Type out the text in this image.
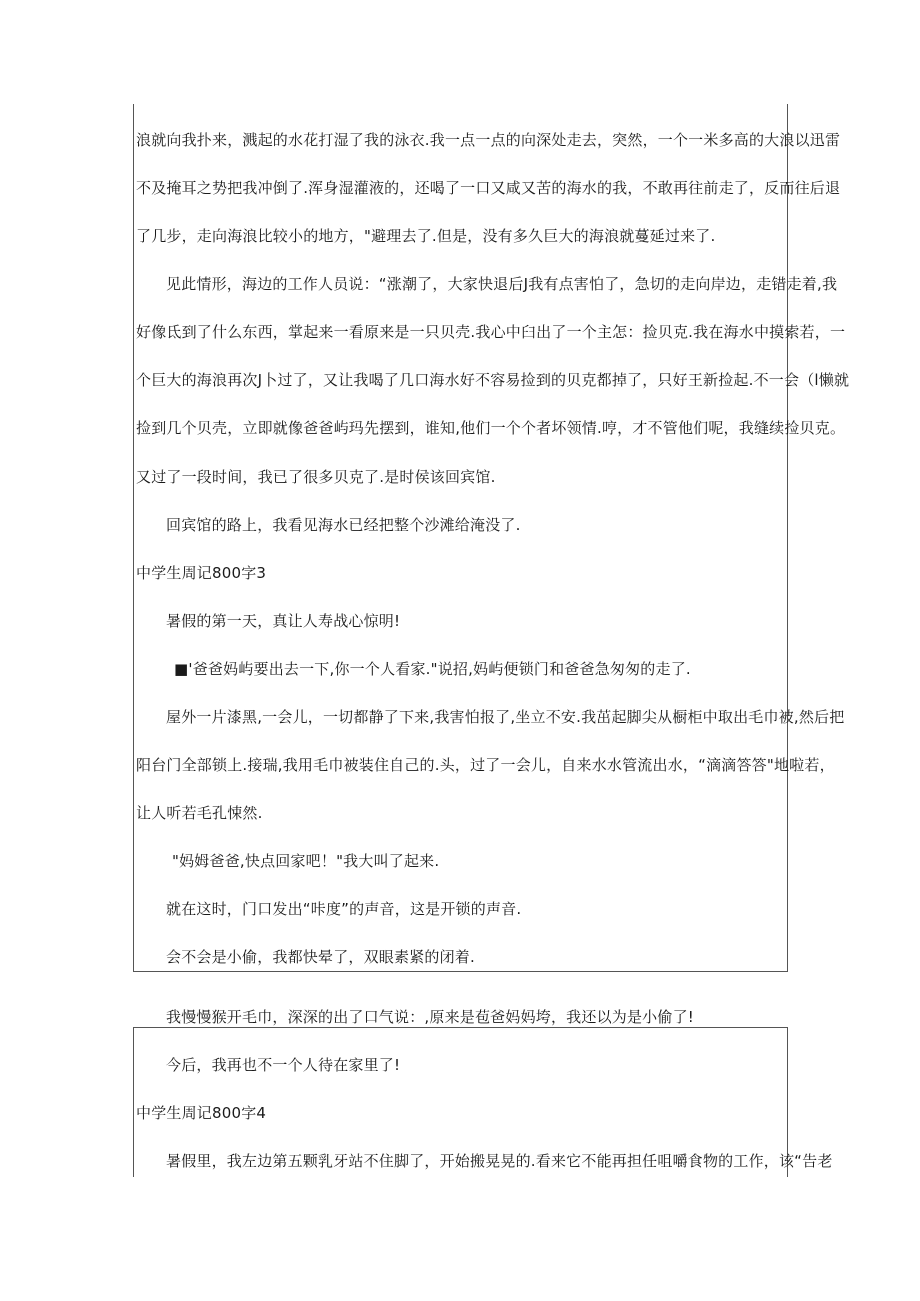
浪就向我扑来，溅起的水花打湿了我的泳衣.我一点一点的向深处走去，突然，一个一米多高的大浪以迅雷
不及掩耳之势把我冲倒了.浑身湿灌液的，还喝了一口又咸又苦的海水的我，不敢再往前走了，反而往后退
了几步，走向海浪比较小的地方，"避理去了.但是，没有多久巨大的海浪就蔓延过来了.
见此情形，海边的工作人员说：“涨潮了，大家快退后J我有点害怕了，急切的走向岸边，走错走着,我
好像氐到了什么东西，掌起来一看原来是一只贝壳.我心中臼出了一个主怎：捡贝克.我在海水中摸索若，一
个巨大的海浪再次J卜过了，又让我喝了几口海水好不容易捡到的贝克都掉了，只好王新捡起.不一会（l懒就
捡到几个贝壳，立即就像爸爸屿玛先摆到，谁知,他们一个个者坏领情.哼，才不管他们呢，我缝续捡贝克。
又过了一段时间，我已了很多贝克了.是时侯该回宾馆.
回宾馆的路上，我看见海水已经把整个沙滩给淹没了.
中学生周记800字3
暑假的第一天，真让人寿战心惊明!
■'爸爸妈屿要出去一下,你一个人看家."说招,妈屿便锁门和爸爸急匆匆的走了.
屋外一片漆黑,一会儿，一切都静了下来,我害怕报了,坐立不安.我茁起脚尖从橱柜中取出毛巾被,然后把
阳台门全部锁上.接瑞,我用毛巾被装住自己的.头，过了一会儿，自来水水管流出水，“滴滴答答"地啦若，
让人听若毛孔悚然.
"妈姆爸爸,快点回家吧！"我大叫了起来.
就在这时，门口发出“咔度”的声音，这是开锁的声音.
会不会是小偷，我都快晕了，双眼素紧的闭着.
我慢慢猴开毛巾，深深的出了口气说：,原来是苞爸妈妈垮，我还以为是小偷了!
今后，我再也不一个人待在家里了!
中学生周记800字4
暑假里，我左边第五颗乳牙站不住脚了，开始搬晃晃的.看来它不能再担任咀嚼食物的工作，该“告老
